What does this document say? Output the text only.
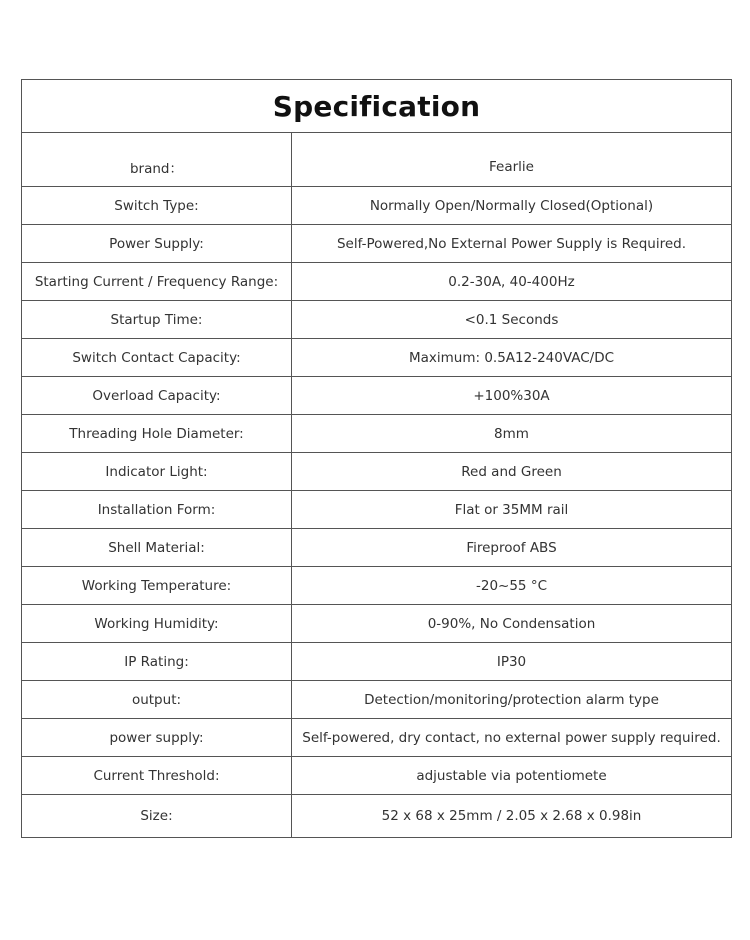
Specification
brand：	Fearlie
Switch Type:	Normally Open/Normally Closed(Optional)
Power Supply:	Self-Powered,No External Power Supply is Required.
Starting Current / Frequency Range:	0.2-30A, 40-400Hz
Startup Time:	<0.1 Seconds
Switch Contact Capacity:	Maximum: 0.5A12-240VAC/DC
Overload Capacity:	+100%30A
Threading Hole Diameter:	8mm
Indicator Light:	Red and Green
Installation Form:	Flat or 35MM rail
Shell Material:	Fireproof ABS
Working Temperature:	-20~55 °C
Working Humidity:	0-90%, No Condensation
IP Rating:	IP30
output:	Detection/monitoring/protection alarm type
power supply:	Self-powered, dry contact, no external power supply required.
Current Threshold:	adjustable via potentiomete
Size:	52 x 68 x 25mm / 2.05 x 2.68 x 0.98in
